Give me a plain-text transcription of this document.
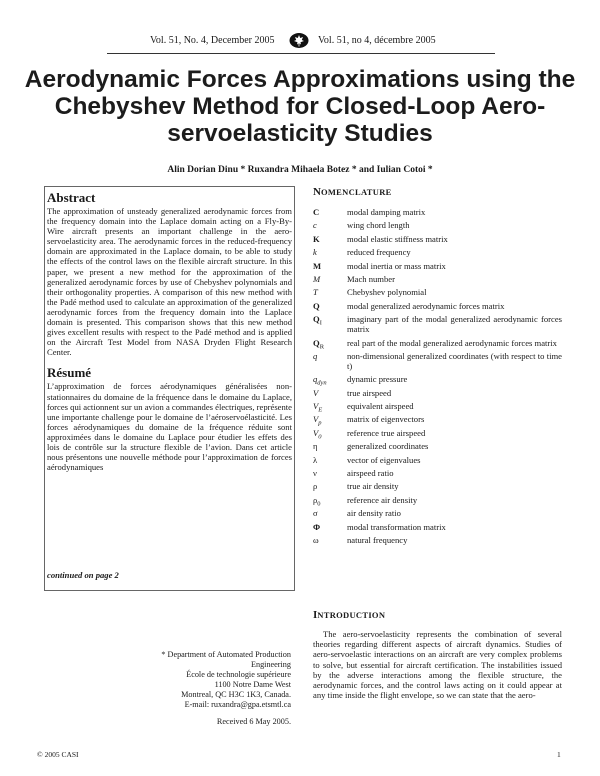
Vol. 51, No. 4, December 2005	Vol. 51, no 4, décembre 2005
Aerodynamic Forces Approximations using the Chebyshev Method for Closed-Loop Aero-servoelasticity Studies
Alin Dorian Dinu * Ruxandra Mihaela Botez * and Iulian Cotoi *
Abstract

The approximation of unsteady generalized aerodynamic forces from the frequency domain into the Laplace domain acting on a Fly-By-Wire aircraft presents an important challenge in the aero-servoelasticity area. The aerodynamic forces in the reduced-frequency domain are approximated in the Laplace domain, to be able to study the effects of the control laws on the flexible aircraft structure. In this paper, we present a new method for the approximation of the generalized aerodynamic forces by use of Chebyshev polynomials and their orthogonality properties. A comparison of this new method with the Padé method used to calculate an approximation of the generalized aerodynamic forces from the frequency domain into the Laplace domain is presented. This comparison shows that this new method gives excellent results with respect to the Padé method and is applied on the Aircraft Test Model from NASA Dryden Flight Research Center.

Résumé

L’approximation de forces aérodynamiques généralisées non-stationnaires du domaine de la fréquence dans le domaine du Laplace, forces qui actionnent sur un avion a commandes électriques, représente une importante challenge pour le domaine de l’aéroservoélasticité. Les forces aérodynamiques du domaine de la fréquence réduite sont approximées dans le domaine du Laplace pour étudier les effets des lois de contrôle sur la structure flexible de l’avion. Dans cet article nous présentons une nouvelle méthode pour l’approximation de forces aérodynamiques

continued on page 2
* Department of Automated Production
Engineering
École de technologie supérieure
1100 Notre Dame West
Montreal, QC H3C 1K3, Canada.
E-mail: ruxandra@gpa.etsmtl.ca
Received 6 May 2005.
NOMENCLATURE
C	modal damping matrix
c	wing chord length
K	modal elastic stiffness matrix
k	reduced frequency
M	modal inertia or mass matrix
M	Mach number
T	Chebyshev polynomial
Q	modal generalized aerodynamic forces matrix
$Q_I$	imaginary part of the modal generalized aerodynamic forces matrix
$Q_R$	real part of the modal generalized aerodynamic forces matrix
q	non-dimensional generalized coordinates (with respect to time t)
$q_{dyn}$	dynamic pressure
V	true airspeed
$V_E$	equivalent airspeed
$V_p$	matrix of eigenvectors
$V_0$	reference true airspeed
η	generalized coordinates
λ	vector of eigenvalues
ν	airspeed ratio
ρ	true air density
$\rho_0$	reference air density
σ	air density ratio
Φ	modal transformation matrix
ω	natural frequency
INTRODUCTION

The aero-servoelasticity represents the combination of several theories regarding different aspects of aircraft dynamics. Studies of aero-servoelastic interactions on an aircraft are very complex problems to solve, but essential for aircraft certification. The instabilities issued by the adverse interactions among the flexible structure, the aerodynamic forces, and the control laws acting on it could appear at any time inside the flight envelope, so we can state that the aero-

© 2005 CASI	1
